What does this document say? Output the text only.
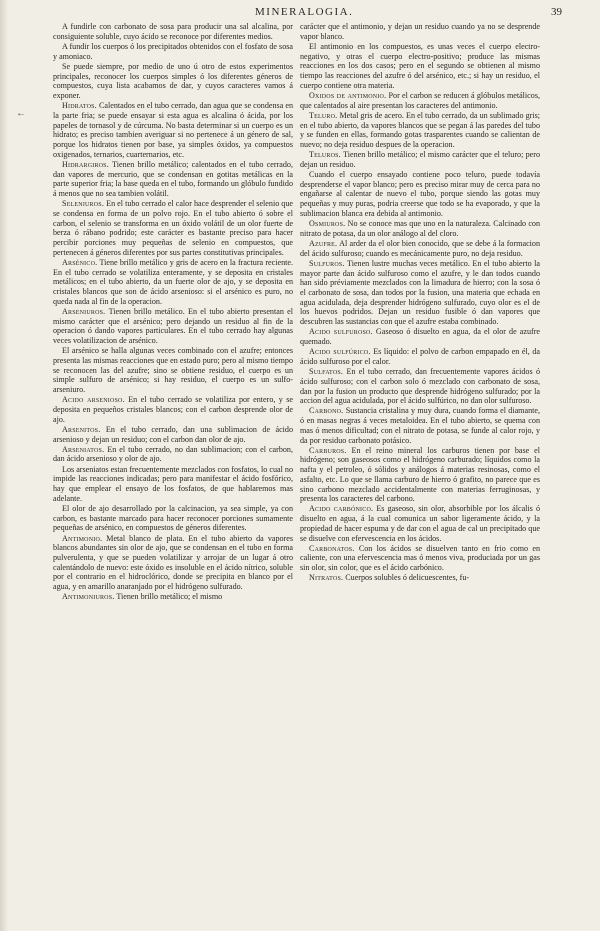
MINERALOGIA.	39
←

A fundirle con carbonato de sosa para producir una sal alcalina, por consiguiente soluble, cuyo ácido se reconoce por diferentes medios.

A fundir los cuerpos ó los precipitados obtenidos con el fosfato de sosa y amoniaco.

Se puede siempre, por medio de uno ú otro de estos experimentos principales, reconocer los cuerpos simples ó los diferentes géneros de compuestos, cuya lista acabamos de dar, y cuyos caracteres vamos á exponer.

Hidratos. Calentados en el tubo cerrado, dan agua que se condensa en la parte fria; se puede ensayar si esta agua es alcalina ó ácida, por los papeles de tornasol y de cúrcuma. No basta determinar si un cuerpo es un hidrato; es preciso tambien averiguar si no pertenece á un género de sal, porque los hidratos tienen por base, ya simples óxidos, ya compuestos oxigenados, ternarios, cuarternarios, etc.

Hidrargiros. Tienen brillo metálico; calentados en el tubo cerrado, dan vapores de mercurio, que se condensan en gotitas metálicas en la parte superior fria; la base queda en el tubo, formando un glóbulo fundido á menos que no sea tambien volátil.

Seleniuros. En el tubo cerrado el calor hace desprender el selenio que se condensa en forma de un polvo rojo. En el tubo abierto ó sobre el carbon, el selenio se transforma en un óxido volátil de un olor fuerte de berza ó rábano podrido; este carácter es bastante preciso para hacer percibir porciones muy pequeñas de selenio en compuestos, que pertenecen á géneros diferentes por sus partes constitutivas principales.

Arsénico. Tiene brillo metálico y gris de acero en la fractura reciente. En el tubo cerrado se volatiliza enteramente, y se deposita en cristales metálicos; en el tubo abierto, da un fuerte olor de ajo, y se deposita en cristales blancos que son de ácido arsenioso: si el arsénico es puro, no queda nada al fin de la operacion.

Arseniuros. Tienen brillo metálico. En el tubo abierto presentan el mismo carácter que el arsénico; pero dejando un residuo al fin de la operacion ó dando vapores particulares. En el tubo cerrado hay algunas veces volatilizacion de arsénico.

El arsénico se halla algunas veces combinado con el azufre; entonces presenta las mismas reacciones que en estado puro; pero al mismo tiempo se reconocen las del azufre; sino se obtiene residuo, el cuerpo es un simple sulfuro de arsénico; si hay residuo, el cuerpo es un sulfo-arseniuro.

Acido arsenioso. En el tubo cerrado se volatiliza por entero, y se deposita en pequeños cristales blancos; con el carbon desprende olor de ajo.

Arsenitos. En el tubo cerrado, dan una sublimacion de ácido arsenioso y dejan un residuo; con el carbon dan olor de ajo.

Arseniatos. En el tubo cerrado, no dan sublimacion; con el carbon, dan ácido arsenioso y olor de ajo.

Los arseniatos estan frecuentemente mezclados con fosfatos, lo cual no impide las reacciones indicadas; pero para manifestar el ácido fosfórico, hay que emplear el ensayo de los fosfatos, de que hablaremos mas adelante.

El olor de ajo desarrollado por la calcinacion, ya sea simple, ya con carbon, es bastante marcado para hacer reconocer porciones sumamente pequeñas de arsénico, en compuestos de géneros diferentes.

Antimonio. Metal blanco de plata. En el tubo abierto da vapores blancos abundantes sin olor de ajo, que se condensan en el tubo en forma pulverulenta, y que se pueden volatilizar y arrojar de un lugar á otro calentándolo de nuevo: este óxido es insoluble en el ácido nítrico, soluble por el contrario en el hidroclórico, donde se precipita en blanco por el agua, y en amarillo anaranjado por el hidrógeno sulfurado.

Antimoniuros. Tienen brillo metálico; el mismo

carácter que el antimonio, y dejan un residuo cuando ya no se desprende vapor blanco.

El antimonio en los compuestos, es unas veces el cuerpo electro-negativo, y otras el cuerpo electro-positivo; produce las mismas reacciones en los dos casos; pero en el segundo se obtienen al mismo tiempo las reacciones del azufre ó del arsénico, etc.; si hay un residuo, el cuerpo contiene otra materia.

Oxidos de antimonio. Por el carbon se reducen á glóbulos metálicos, que calentados al aire presentan los caracteres del antimonio.

Teluro. Metal gris de acero. En el tubo cerrado, da un sublimado gris; en el tubo abierto, da vapores blancos que se pegan á las paredes del tubo y se funden en ellas, formando gotas trasparentes cuando se calientan de nuevo; no deja residuo despues de la operacion.

Teluros. Tienen brillo metálico; el mismo carácter que el teluro; pero dejan un residuo.

Cuando el cuerpo ensayado contiene poco teluro, puede todavía desprenderse el vapor blanco; pero es preciso mirar muy de cerca para no engañarse al calentar de nuevo el tubo, porque siendo las gotas muy pequeñas y muy puras, podria creerse que todo se ha evaporado, y que la sublimacion blanca era debida al antimonio.

Osmiuros. No se conoce mas que uno en la naturaleza. Calcinado con nitrato de potasa, da un olor análogo al del cloro.

Azufre. Al arder da el olor bien conocido, que se debe á la formacion del ácido sulfuroso; cuando es mecánicamente puro, no deja residuo.

Sulfuros. Tienen lustre muchas veces metálico. En el tubo abierto la mayor parte dan ácido sulfuroso como el azufre, y le dan todos cuando han sido préviamente mezclados con la limadura de hierro; con la sosa ó el carbonato de sosa, dan todos por la fusion, una materia que echada en agua acidulada, deja desprender hidrógeno sulfurado, cuyo olor es el de los huevos podridos. Dejan un residuo fusible ó dan vapores que descubren las sustancias con que el azufre estaba combinado.

Acido sulfuroso. Gaseoso ó disuelto en agua, da el olor de azufre quemado.

Acido sulfúrico. Es líquido: el polvo de carbon empapado en él, da ácido sulfuroso por el calor.

Sulfatos. En el tubo cerrado, dan frecuentemente vapores ácidos ó ácido sulfuroso; con el carbon solo ó mezclado con carbonato de sosa, dan por la fusion un producto que desprende hidrógeno sulfurado; por la accion del agua acidulada, por el ácido sulfúrico, no dan olor sulfuroso.

Carbono. Sustancia cristalina y muy dura, cuando forma el diamante, ó en masas negras á veces metaloidea. En el tubo abierto, se quema con mas ó menos dificultad; con el nitrato de potasa, se funde al calor rojo, y da por residuo carbonato potásico.

Carburos. En el reino mineral los carburos tienen por base el hidrógeno; son gaseosos como el hidrógeno carburado; líquidos como la nafta y el petroleo, ó sólidos y análogos á materias resinosas, como el asfalto, etc. Lo que se llama carburo de hierro ó grafito, no parece que es sino carbono mezclado accidentalmente con materias ferruginosas, y presenta los caracteres del carbono.

Acido carbónico. Es gaseoso, sin olor, absorbible por los álcalis ó disuelto en agua, á la cual comunica un sabor ligeramente ácido, y la propiedad de hacer espuma y de dar con el agua de cal un precipitado que se disuelve con efervescencia en los ácidos.

Carbonatos. Con los ácidos se disuelven tanto en frio como en caliente, con una efervescencia mas ó menos viva, produciada por un gas sin olor, sin color, que es el ácido carbónico.

Nitratos. Cuerpos solubles ó delicuescentes, fu-
